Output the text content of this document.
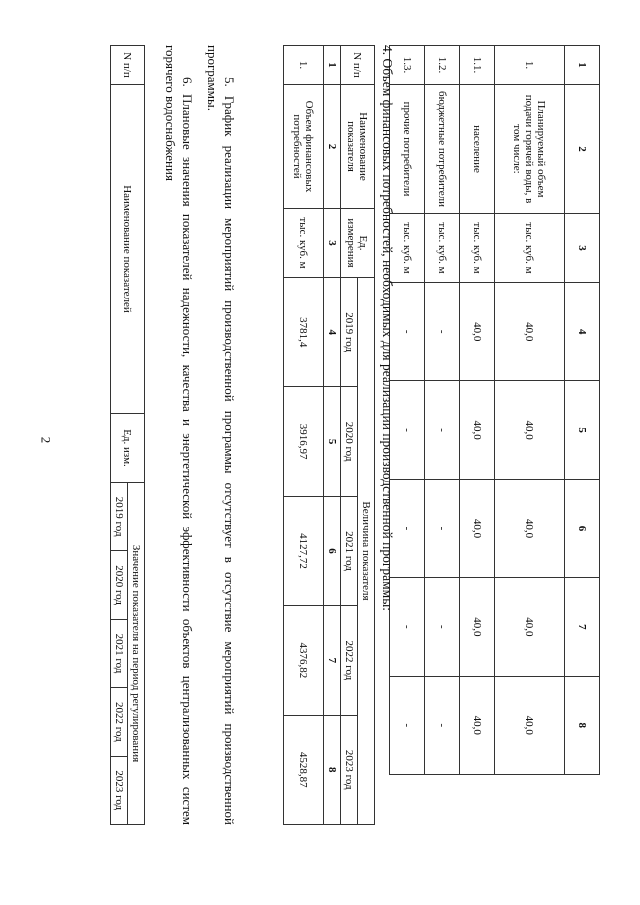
2
1	2	3	4	5	6	7	8
1.	Планируемый объем подачи горячей воды, в том числе:	тыс. куб. м	40,0	40,0	40,0	40,0	40,0
1.1.	население	тыс. куб. м	40,0	40,0	40,0	40,0	40,0
1.2.	бюджетные потребители	тыс. куб. м	-	-	-	-	-
1.3.	прочие потребители	тыс. куб. м	-	-	-	-	-
4. Объем финансовых потребностей, необходимых для реализации производственной программы:
N п/п	Наименование показателя	Ед. измерения	Величина показателя				
			2019 год	2020 год	2021 год	2022 год	2023 год
1	2	3	4	5	6	7	8
1.	Объем финансовых потребностей	тыс. куб. м	3781,4	3916,97	4127,72	4376,82	4528,87
5. График реализации мероприятий производственной программы отсутствует в отсутствие мероприятий производственной программы.
6. Плановые значения показателей надежности, качества и энергетической эффективности объектов централизованных систем горячего водоснабжения
N п/п	Наименование показателей	Ед. изм.	Значение показателя на период регулирования				
			2019 год	2020 год	2021 год	2022 год	2023 год
